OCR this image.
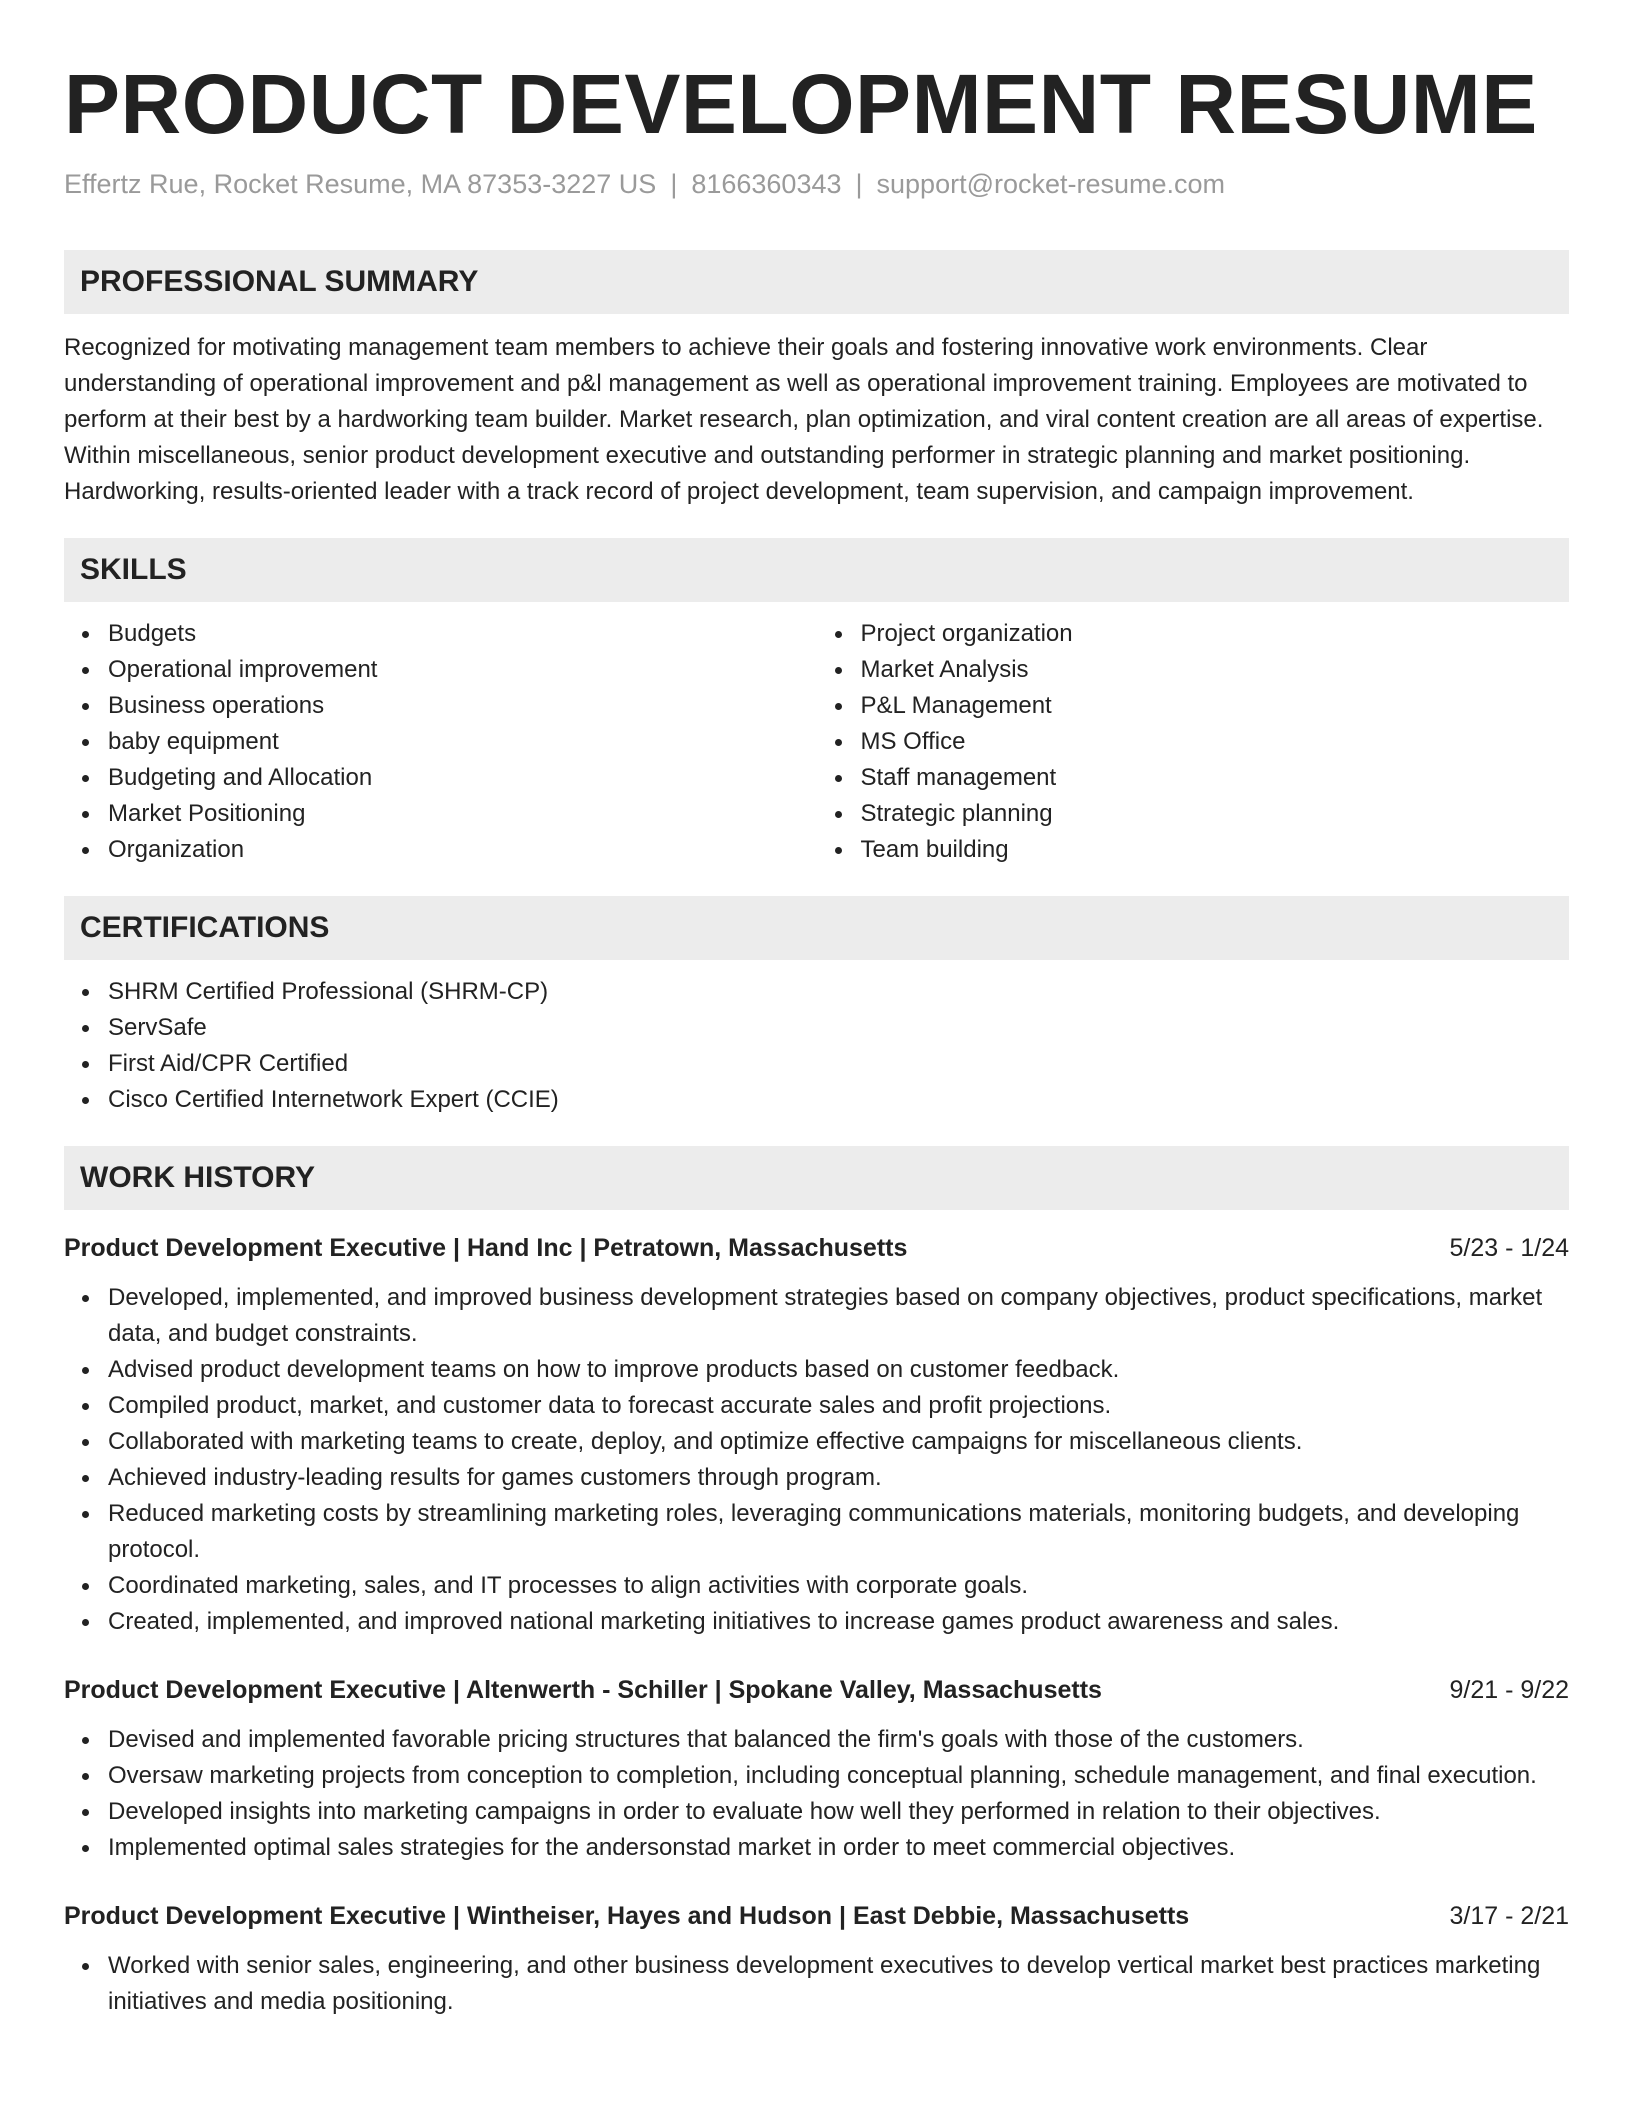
PRODUCT DEVELOPMENT RESUME
Effertz Rue, Rocket Resume, MA 87353-3227 US | 8166360343 | support@rocket-resume.com
PROFESSIONAL SUMMARY

Recognized for motivating management team members to achieve their goals and fostering innovative work environments. Clear understanding of operational improvement and p&l management as well as operational improvement training. Employees are motivated to perform at their best by a hardworking team builder. Market research, plan optimization, and viral content creation are all areas of expertise. Within miscellaneous, senior product development executive and outstanding performer in strategic planning and market positioning. Hardworking, results-oriented leader with a track record of project development, team supervision, and campaign improvement.

SKILLS
Budgets
Operational improvement
Business operations
baby equipment
Budgeting and Allocation
Market Positioning
Organization
Project organization
Market Analysis
P&L Management
MS Office
Staff management
Strategic planning
Team building
CERTIFICATIONS
SHRM Certified Professional (SHRM-CP)
ServSafe
First Aid/CPR Certified
Cisco Certified Internetwork Expert (CCIE)
WORK HISTORY
Product Development Executive | Hand Inc | Petratown, Massachusetts	5/23 - 1/24
Developed, implemented, and improved business development strategies based on company objectives, product specifications, market data, and budget constraints.
Advised product development teams on how to improve products based on customer feedback.
Compiled product, market, and customer data to forecast accurate sales and profit projections.
Collaborated with marketing teams to create, deploy, and optimize effective campaigns for miscellaneous clients.
Achieved industry-leading results for games customers through program.
Reduced marketing costs by streamlining marketing roles, leveraging communications materials, monitoring budgets, and developing protocol.
Coordinated marketing, sales, and IT processes to align activities with corporate goals.
Created, implemented, and improved national marketing initiatives to increase games product awareness and sales.
Product Development Executive | Altenwerth - Schiller | Spokane Valley, Massachusetts	9/21 - 9/22
Devised and implemented favorable pricing structures that balanced the firm's goals with those of the customers.
Oversaw marketing projects from conception to completion, including conceptual planning, schedule management, and final execution.
Developed insights into marketing campaigns in order to evaluate how well they performed in relation to their objectives.
Implemented optimal sales strategies for the andersonstad market in order to meet commercial objectives.
Product Development Executive | Wintheiser, Hayes and Hudson | East Debbie, Massachusetts	3/17 - 2/21
Worked with senior sales, engineering, and other business development executives to develop vertical market best practices marketing initiatives and media positioning.
